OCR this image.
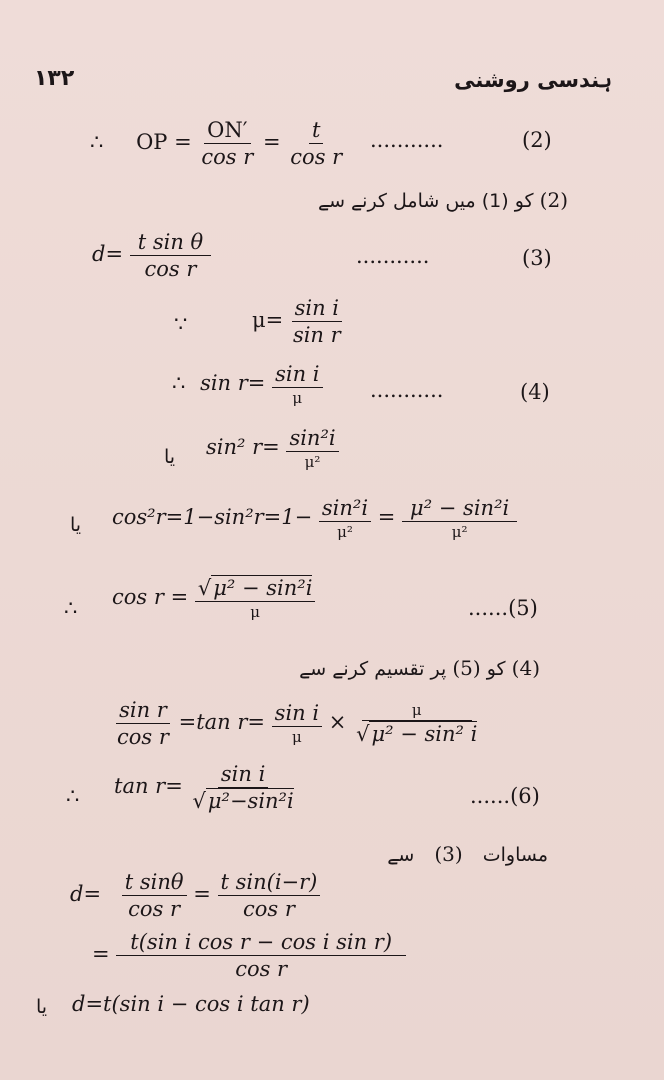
۱۳۲	ہندسی روشنی
∴ OP = $\frac{ON'}{\text{cos r}} = \frac{t}{\text{cos r}}$ ...........	(2)
(2) کو (1) میں شامل کرنے سے
$d= \frac{\text{t sin θ}}{\text{cos r}}$	...........	(3)
∵	$\mu= \frac{\text{sin i}}{\text{sin r}}$
∴ $\sin r= \frac{\text{sin i}}{\mu}$ ...........	(4)
یا sin² $r= \frac{\text{sin²i}}{\text{μ²}}$
یا $\cos^2r=1-\sin^2r=1- \frac{\text{sin²i}}{\text{μ²}} = \frac{\text{μ² − sin²i}}{\text{μ²}}$
∴ $\cos r = \frac{\text{√μ² − sin²i}}{\mu}$	......(5)
(4) کو (5) پر تقسیم کرنے سے
$\frac{\text{sin r}}{\text{cos r}} =\tan$ $r= \frac{\text{sin i}}{\mu} \times \frac{\mu}{\text{√μ² − sin² i}}$
∴ $\tan r= \frac{\text{sin i}}{\text{√μ²−sin²i}}$	......(6)
مساوات (3) سے
$d= \frac{\text{t sinθ}}{\text{cos r}} = \frac{\text{t sin(i−r)}}{\text{cos r}}$
= $\frac{\text{t(sin i cos r − cos i sin r)}}{\text{cos r}}$
یا d=t(sin i − cos i tan r)
